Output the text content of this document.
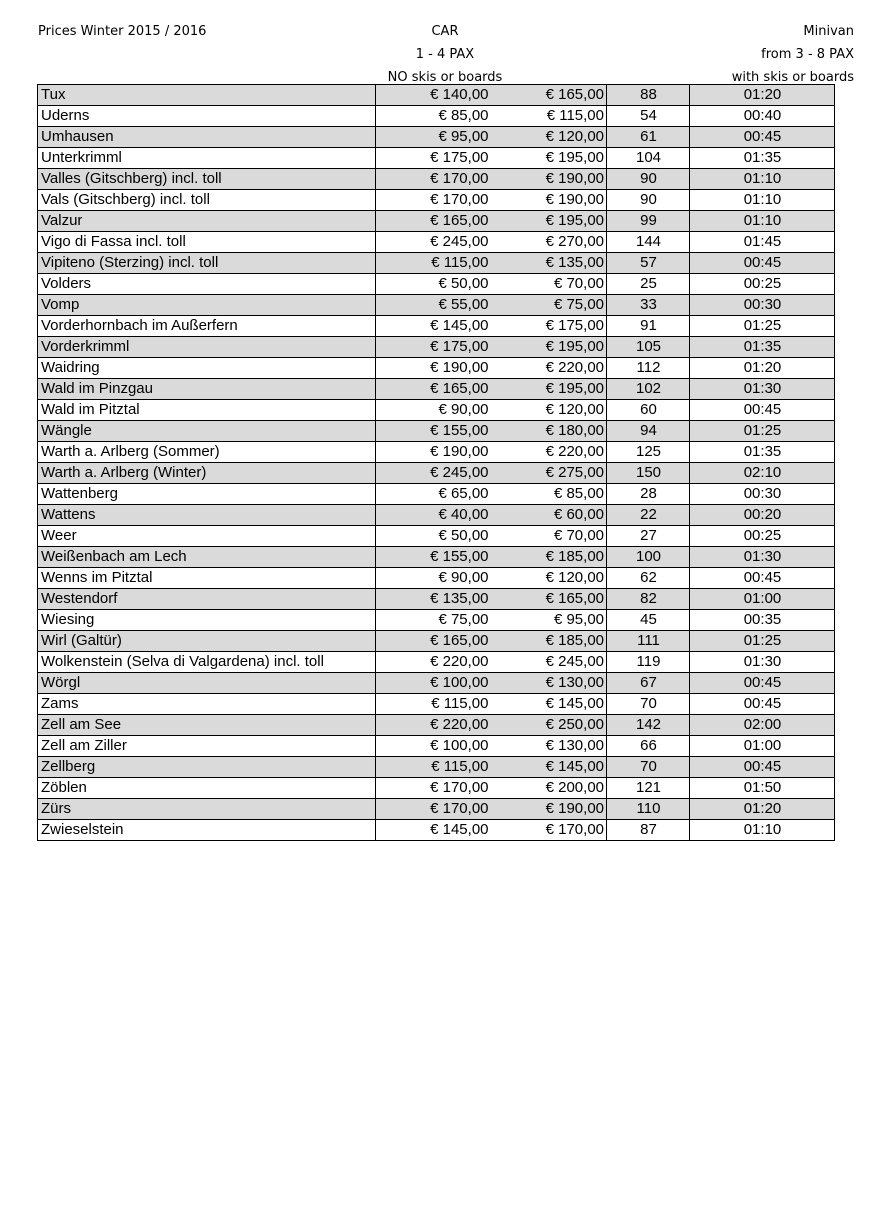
Prices Winter 2015 / 2016	CAR
1 - 4 PAX
NO skis or boards
Minivan
from 3 - 8 PAX
with skis or boards
Tux	€ 140,00	€ 165,00	88	01:20
Uderns	€ 85,00	€ 115,00	54	00:40
Umhausen	€ 95,00	€ 120,00	61	00:45
Unterkrimml	€ 175,00	€ 195,00	104	01:35
Valles (Gitschberg) incl. toll	€ 170,00	€ 190,00	90	01:10
Vals (Gitschberg) incl. toll	€ 170,00	€ 190,00	90	01:10
Valzur	€ 165,00	€ 195,00	99	01:10
Vigo di Fassa incl. toll	€ 245,00	€ 270,00	144	01:45
Vipiteno (Sterzing) incl. toll	€ 115,00	€ 135,00	57	00:45
Volders	€ 50,00	€ 70,00	25	00:25
Vomp	€ 55,00	€ 75,00	33	00:30
Vorderhornbach im Außerfern	€ 145,00	€ 175,00	91	01:25
Vorderkrimml	€ 175,00	€ 195,00	105	01:35
Waidring	€ 190,00	€ 220,00	112	01:20
Wald im Pinzgau	€ 165,00	€ 195,00	102	01:30
Wald im Pitztal	€ 90,00	€ 120,00	60	00:45
Wängle	€ 155,00	€ 180,00	94	01:25
Warth a. Arlberg (Sommer)	€ 190,00	€ 220,00	125	01:35
Warth a. Arlberg (Winter)	€ 245,00	€ 275,00	150	02:10
Wattenberg	€ 65,00	€ 85,00	28	00:30
Wattens	€ 40,00	€ 60,00	22	00:20
Weer	€ 50,00	€ 70,00	27	00:25
Weißenbach am Lech	€ 155,00	€ 185,00	100	01:30
Wenns im Pitztal	€ 90,00	€ 120,00	62	00:45
Westendorf	€ 135,00	€ 165,00	82	01:00
Wiesing	€ 75,00	€ 95,00	45	00:35
Wirl (Galtür)	€ 165,00	€ 185,00	111	01:25
Wolkenstein (Selva di Valgardena) incl. toll	€ 220,00	€ 245,00	119	01:30
Wörgl	€ 100,00	€ 130,00	67	00:45
Zams	€ 115,00	€ 145,00	70	00:45
Zell am See	€ 220,00	€ 250,00	142	02:00
Zell am Ziller	€ 100,00	€ 130,00	66	01:00
Zellberg	€ 115,00	€ 145,00	70	00:45
Zöblen	€ 170,00	€ 200,00	121	01:50
Zürs	€ 170,00	€ 190,00	110	01:20
Zwieselstein	€ 145,00	€ 170,00	87	01:10
